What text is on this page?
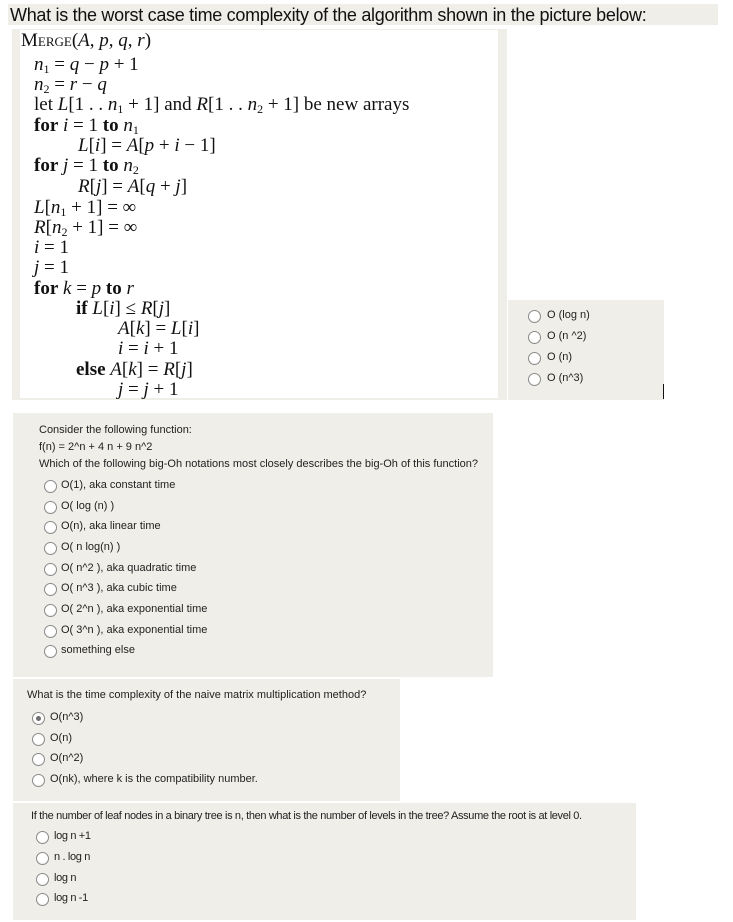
What is the worst case time complexity of the algorithm shown in the picture below:
Merge(A, p, q, r)
$n_1 = q - p + 1$
$n_2 = r - q$
let L[1 . . $n_1 + 1$] and R[1 . . $n_2 + 1$] be new arrays
for i = 1 to $n_1$
L[i] = A[p + i − 1]
for j = 1 to $n_2$
R[j] = A[q + j]
$L[n_1 + 1]$ = ∞
$R[n_2 + 1]$ = ∞
i = 1
j = 1
for k = p to r
if L[i] ≤ R[j]
A[k] = L[i]
i = i + 1
else A[k] = R[j]
j = j + 1
O (log n)
O (n ^2)
O (n)
O (n^3)
Consider the following function:
f(n) = 2^n + 4 n + 9 n^2
Which of the following big-Oh notations most closely describes the big-Oh of this function?
O(1), aka constant time
O( log (n) )
O(n), aka linear time
O( n log(n) )
O( n^2 ), aka quadratic time
O( n^3 ), aka cubic time
O( 2^n ), aka exponential time
O( 3^n ), aka exponential time
something else
What is the time complexity of the naive matrix multiplication method?
O(n^3)
O(n)
O(n^2)
O(nk), where k is the compatibility number.
If the number of leaf nodes in a binary tree is n, then what is the number of levels in the tree? Assume the root is at level 0.
log n +1
n . log n
log n
log n -1
